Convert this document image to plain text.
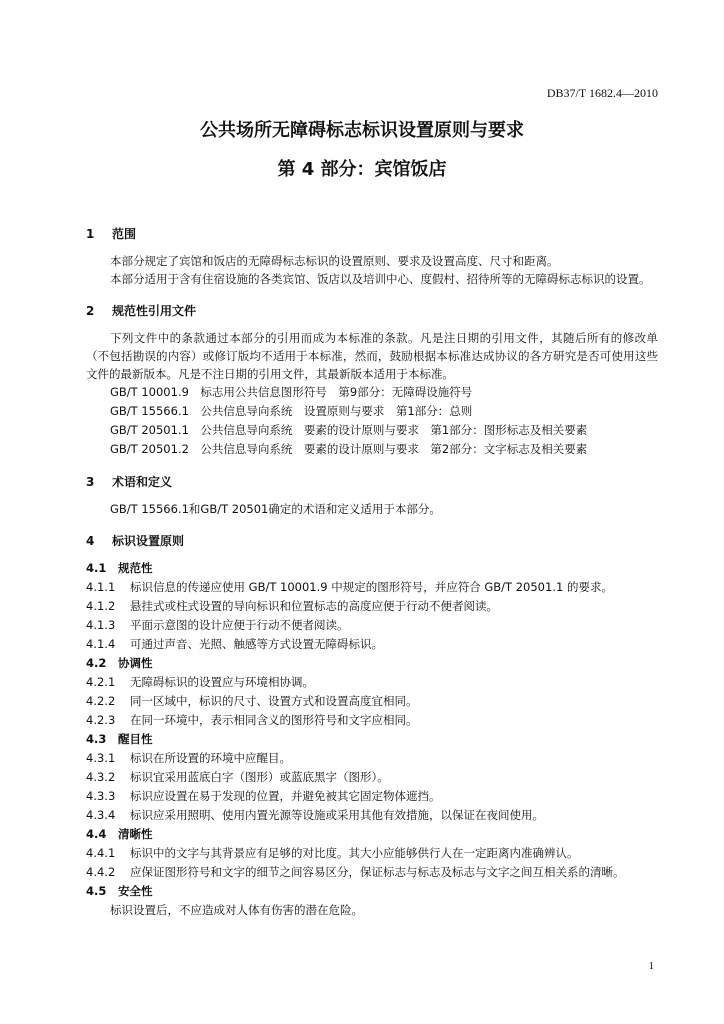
DB37/T 1682.4—2010
公共场所无障碍标志标识设置原则与要求
第 4 部分：宾馆饭店

1 范围

本部分规定了宾馆和饭店的无障碍标志标识的设置原则、要求及设置高度、尺寸和距离。

本部分适用于含有住宿设施的各类宾馆、饭店以及培训中心、度假村、招待所等的无障碍标志标识的设置。

2 规范性引用文件

下列文件中的条款通过本部分的引用而成为本标准的条款。凡是注日期的引用文件，其随后所有的修改单（不包括勘误的内容）或修订版均不适用于本标准，然而，鼓励根据本标准达成协议的各方研究是否可使用这些文件的最新版本。凡是不注日期的引用文件，其最新版本适用于本标准。

GB/T 10001.9　标志用公共信息图形符号　第9部分：无障碍设施符号

GB/T 15566.1　公共信息导向系统　设置原则与要求　第1部分：总则

GB/T 20501.1　公共信息导向系统　要素的设计原则与要求　第1部分：图形标志及相关要素

GB/T 20501.2　公共信息导向系统　要素的设计原则与要求　第2部分：文字标志及相关要素

3 术语和定义

GB/T 15566.1和GB/T 20501确定的术语和定义适用于本部分。

4 标识设置原则

4.1 规范性

4.1.1 标识信息的传递应使用 GB/T 10001.9 中规定的图形符号，并应符合 GB/T 20501.1 的要求。

4.1.2 悬挂式或柱式设置的导向标识和位置标志的高度应便于行动不便者阅读。

4.1.3 平面示意图的设计应便于行动不便者阅读。

4.1.4 可通过声音、光照、触感等方式设置无障碍标识。

4.2 协调性

4.2.1 无障碍标识的设置应与环境相协调。

4.2.2 同一区域中，标识的尺寸、设置方式和设置高度宜相同。

4.2.3 在同一环境中，表示相同含义的图形符号和文字应相同。

4.3 醒目性

4.3.1 标识在所设置的环境中应醒目。

4.3.2 标识宜采用蓝底白字（图形）或蓝底黑字（图形）。

4.3.3 标识应设置在易于发现的位置，并避免被其它固定物体遮挡。

4.3.4 标识应采用照明、使用内置光源等设施或采用其他有效措施，以保证在夜间使用。

4.4 清晰性

4.4.1 标识中的文字与其背景应有足够的对比度。其大小应能够供行人在一定距离内准确辨认。

4.4.2 应保证图形符号和文字的细节之间容易区分，保证标志与标志及标志与文字之间互相关系的清晰。

4.5 安全性

标识设置后，不应造成对人体有伤害的潜在危险。

1
